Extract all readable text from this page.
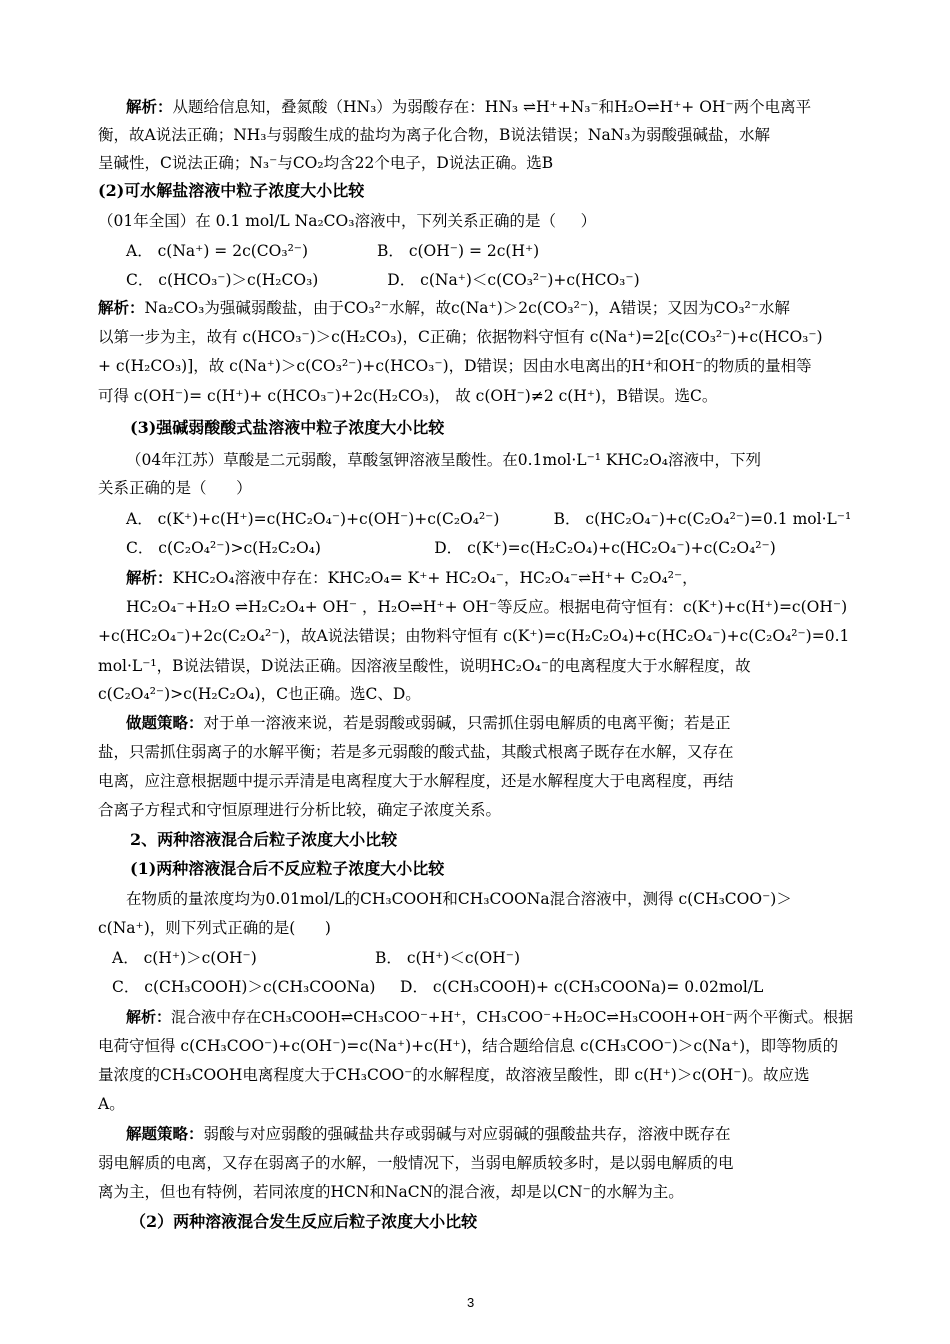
解析：从题给信息知，叠氮酸（HN₃）为弱酸存在：HN₃ ⇌H⁺+N₃⁻和H₂O⇌H⁺+ OH⁻两个电离平
衡，故A说法正确；NH₃与弱酸生成的盐均为离子化合物，B说法错误；NaN₃为弱酸强碱盐，水解
呈碱性，C说法正确；N₃⁻与CO₂均含22个电子，D说法正确。选B
(2)可水解盐溶液中粒子浓度大小比较
（01年全国）在 0.1 mol/L Na₂CO₃溶液中，下列关系正确的是（     ）
A． c(Na⁺) = 2c(CO₃²⁻)              B． c(OH⁻) = 2c(H⁺)
C． c(HCO₃⁻)＞c(H₂CO₃)              D． c(Na⁺)＜c(CO₃²⁻)+c(HCO₃⁻)
解析：Na₂CO₃为强碱弱酸盐，由于CO₃²⁻水解，故c(Na⁺)＞2c(CO₃²⁻)，A错误；又因为CO₃²⁻水解
以第一步为主，故有 c(HCO₃⁻)＞c(H₂CO₃)，C正确；依据物料守恒有 c(Na⁺)=2[c(CO₃²⁻)+c(HCO₃⁻)
+ c(H₂CO₃)]，故 c(Na⁺)＞c(CO₃²⁻)+c(HCO₃⁻)，D错误；因由水电离出的H⁺和OH⁻的物质的量相等
可得 c(OH⁻)= c(H⁺)+ c(HCO₃⁻)+2c(H₂CO₃)， 故 c(OH⁻)≠2 c(H⁺)，B错误。选C。
(3)强碱弱酸酸式盐溶液中粒子浓度大小比较
（04年江苏）草酸是二元弱酸，草酸氢钾溶液呈酸性。在0.1mol·L⁻¹ KHC₂O₄溶液中，下列
关系正确的是（      ）
A． c(K⁺)+c(H⁺)=c(HC₂O₄⁻)+c(OH⁻)+c(C₂O₄²⁻)           B． c(HC₂O₄⁻)+c(C₂O₄²⁻)=0.1 mol·L⁻¹
C． c(C₂O₄²⁻)>c(H₂C₂O₄)                       D． c(K⁺)=c(H₂C₂O₄)+c(HC₂O₄⁻)+c(C₂O₄²⁻)
解析：KHC₂O₄溶液中存在：KHC₂O₄= K⁺+ HC₂O₄⁻，HC₂O₄⁻⇌H⁺+ C₂O₄²⁻，
HC₂O₄⁻+H₂O ⇌H₂C₂O₄+ OH⁻ ，H₂O⇌H⁺+ OH⁻等反应。根据电荷守恒有：c(K⁺)+c(H⁺)=c(OH⁻)
+c(HC₂O₄⁻)+2c(C₂O₄²⁻)，故A说法错误；由物料守恒有 c(K⁺)=c(H₂C₂O₄)+c(HC₂O₄⁻)+c(C₂O₄²⁻)=0.1
mol·L⁻¹，B说法错误，D说法正确。因溶液呈酸性，说明HC₂O₄⁻的电离程度大于水解程度，故
c(C₂O₄²⁻)>c(H₂C₂O₄)，C也正确。选C、D。
做题策略：对于单一溶液来说，若是弱酸或弱碱，只需抓住弱电解质的电离平衡；若是正
盐，只需抓住弱离子的水解平衡；若是多元弱酸的酸式盐，其酸式根离子既存在水解，又存在
电离，应注意根据题中提示弄清是电离程度大于水解程度，还是水解程度大于电离程度，再结
合离子方程式和守恒原理进行分析比较，确定子浓度关系。
2、两种溶液混合后粒子浓度大小比较
(1)两种溶液混合后不反应粒子浓度大小比较
在物质的量浓度均为0.01mol/L的CH₃COOH和CH₃COONa混合溶液中，测得 c(CH₃COO⁻)＞
c(Na⁺)，则下列式正确的是(      )
A． c(H⁺)＞c(OH⁻)                        B． c(H⁺)＜c(OH⁻)
C． c(CH₃COOH)＞c(CH₃COONa)     D． c(CH₃COOH)+ c(CH₃COONa)= 0.02mol/L
解析：混合液中存在CH₃COOH⇌CH₃COO⁻+H⁺，CH₃COO⁻+H₂OC⇌H₃COOH+OH⁻两个平衡式。根据
电荷守恒得 c(CH₃COO⁻)+c(OH⁻)=c(Na⁺)+c(H⁺)，结合题给信息 c(CH₃COO⁻)＞c(Na⁺)，即等物质的
量浓度的CH₃COOH电离程度大于CH₃COO⁻的水解程度，故溶液呈酸性，即 c(H⁺)＞c(OH⁻)。故应选
A。
解题策略：弱酸与对应弱酸的强碱盐共存或弱碱与对应弱碱的强酸盐共存，溶液中既存在
弱电解质的电离，又存在弱离子的水解，一般情况下，当弱电解质较多时，是以弱电解质的电
离为主，但也有特例，若同浓度的HCN和NaCN的混合液，却是以CN⁻的水解为主。
（2）两种溶液混合发生反应后粒子浓度大小比较
3
